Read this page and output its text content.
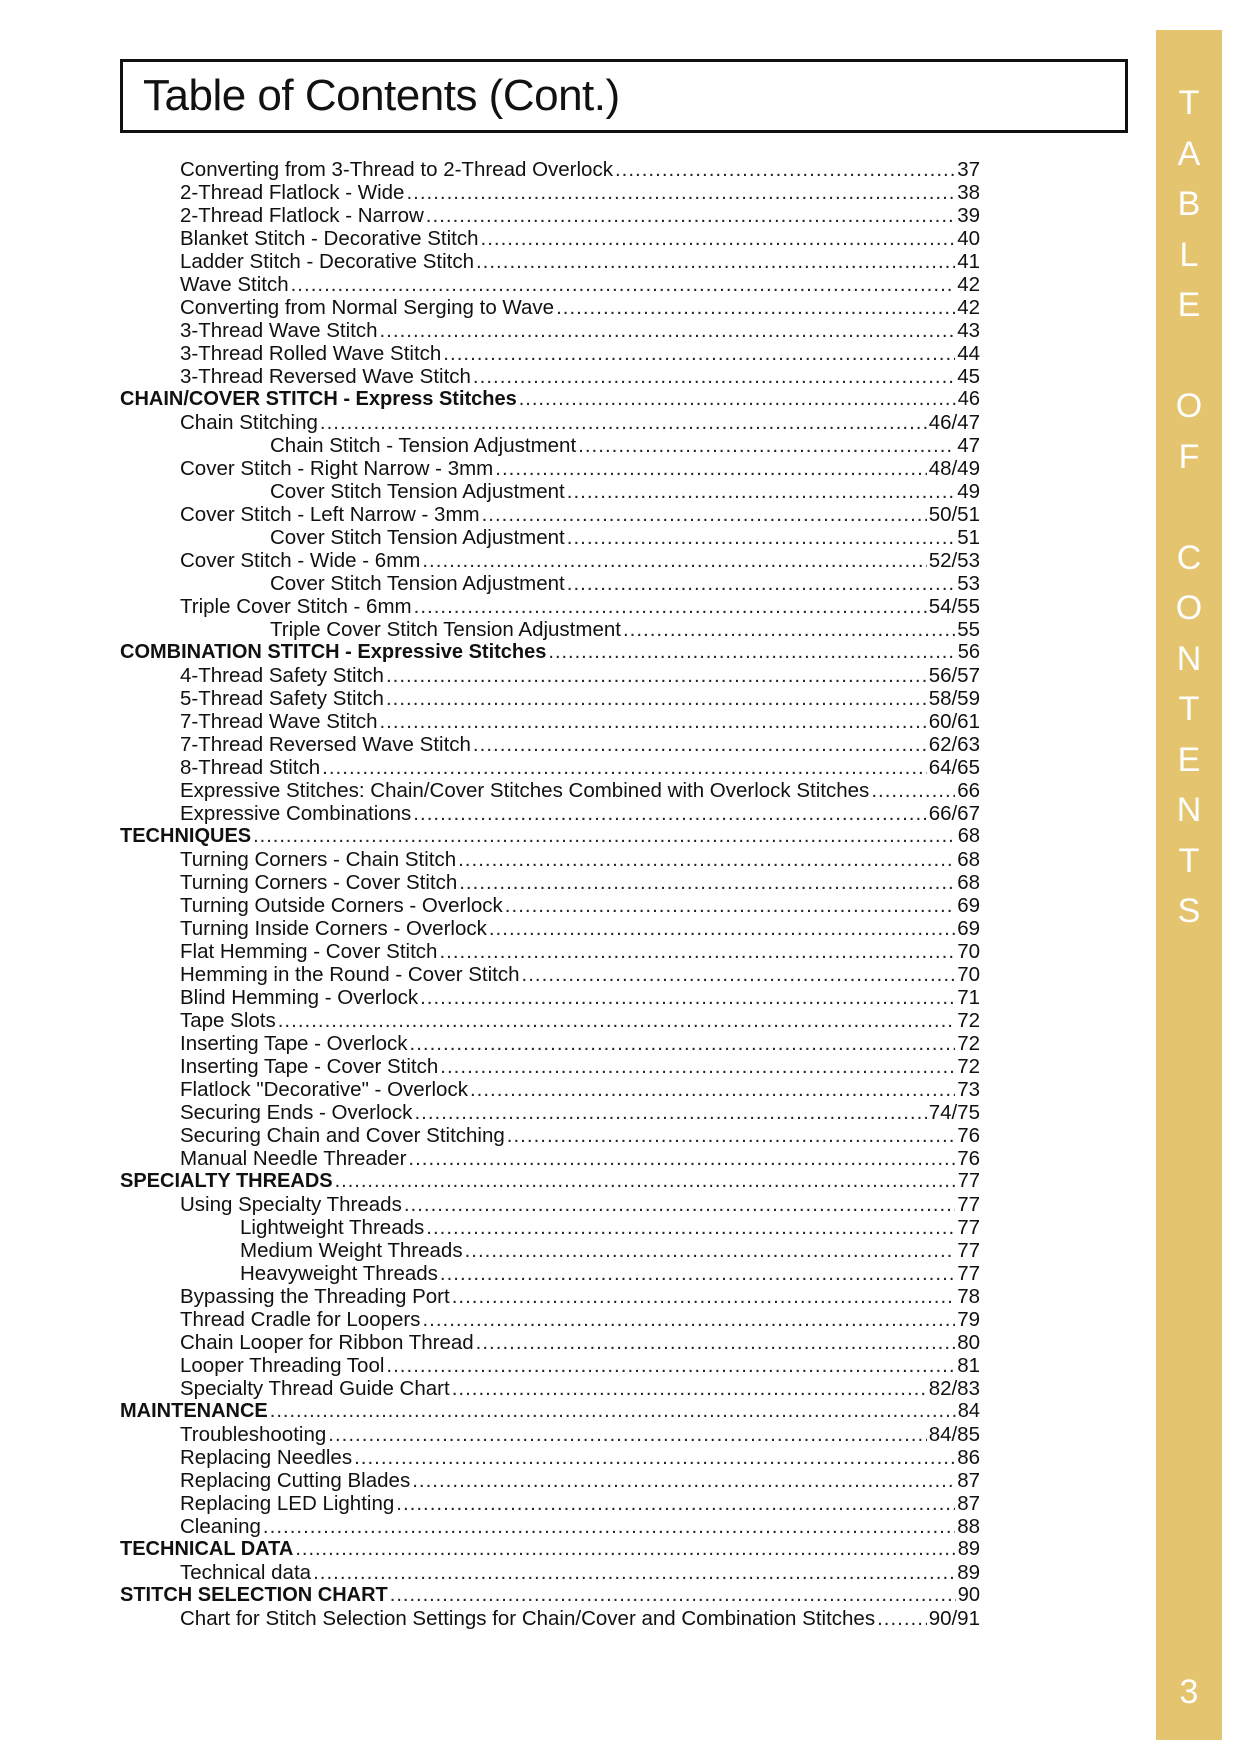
Table of Contents (Cont.)
Converting from 3-Thread to 2-Thread Overlock .....	37
2-Thread Flatlock - Wide .....	38
2-Thread Flatlock - Narrow .....	39
Blanket Stitch - Decorative Stitch .....	40
Ladder Stitch - Decorative Stitch .....	41
Wave Stitch .....	42
Converting from Normal Serging to Wave .....	42
3-Thread Wave Stitch .....	43
3-Thread Rolled Wave Stitch .....	44
3-Thread Reversed Wave Stitch .....	45
CHAIN/COVER STITCH - Express Stitches .....	46
Chain Stitching .....	46/47
Chain Stitch - Tension Adjustment .....	47
Cover Stitch - Right Narrow - 3mm .....	48/49
Cover Stitch Tension Adjustment .....	49
Cover Stitch - Left Narrow - 3mm .....	50/51
Cover Stitch Tension Adjustment .....	51
Cover Stitch - Wide - 6mm .....	52/53
Cover Stitch Tension Adjustment .....	53
Triple Cover Stitch - 6mm .....	54/55
Triple Cover Stitch Tension Adjustment .....	55
COMBINATION STITCH - Expressive Stitches .....	56
4-Thread Safety Stitch .....	56/57
5-Thread Safety Stitch .....	58/59
7-Thread Wave Stitch .....	60/61
7-Thread Reversed Wave Stitch .....	62/63
8-Thread Stitch .....	64/65
Expressive Stitches: Chain/Cover Stitches Combined with Overlock Stitches .....	66
Expressive Combinations .....	66/67
TECHNIQUES .....	68
Turning Corners - Chain Stitch .....	68
Turning Corners - Cover Stitch .....	68
Turning Outside Corners - Overlock .....	69
Turning Inside Corners - Overlock .....	69
Flat Hemming - Cover Stitch .....	70
Hemming in the Round - Cover Stitch .....	70
Blind Hemming - Overlock .....	71
Tape Slots .....	72
Inserting Tape - Overlock .....	72
Inserting Tape - Cover Stitch .....	72
Flatlock "Decorative" - Overlock .....	73
Securing Ends - Overlock .....	74/75
Securing Chain and Cover Stitching .....	76
Manual Needle Threader .....	76
SPECIALTY THREADS .....	77
Using Specialty Threads .....	77
Lightweight Threads .....	77
Medium Weight Threads .....	77
Heavyweight Threads .....	77
Bypassing the Threading Port .....	78
Thread Cradle for Loopers .....	79
Chain Looper for Ribbon Thread .....	80
Looper Threading Tool .....	81
Specialty Thread Guide Chart .....	82/83
MAINTENANCE .....	84
Troubleshooting .....	84/85
Replacing Needles .....	86
Replacing Cutting Blades .....	87
Replacing LED Lighting .....	87
Cleaning .....	88
TECHNICAL DATA .....	89
Technical data .....	89
STITCH SELECTION CHART .....	90
Chart for Stitch Selection Settings for Chain/Cover and Combination Stitches .....	90/91
T
A
B
L
E
O
F
C
O
N
T
E
N
T
S
3
